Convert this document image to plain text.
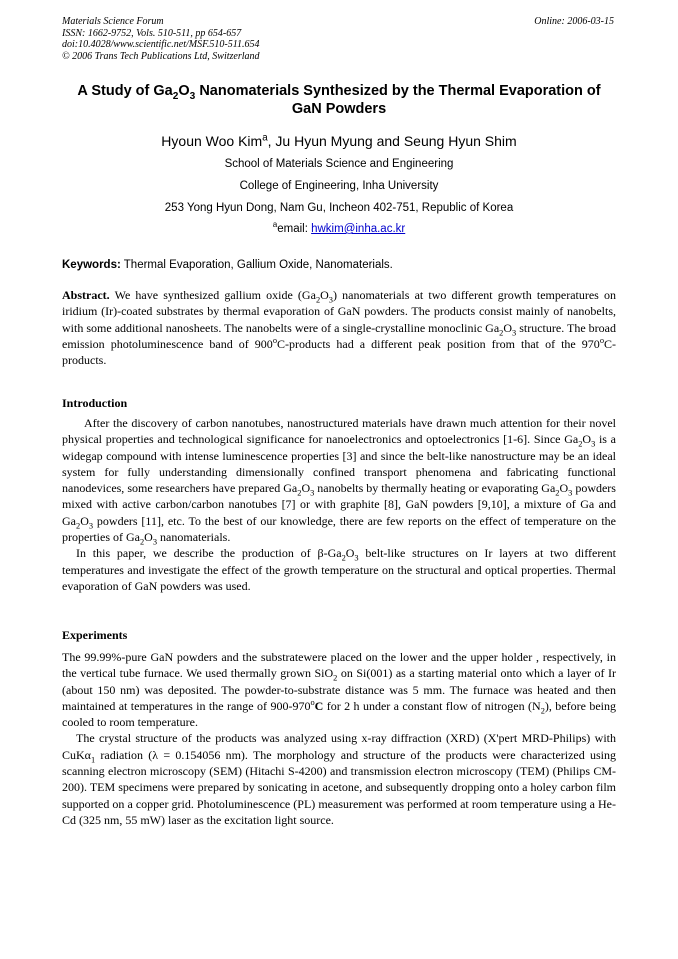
Materials Science Forum
ISSN: 1662-9752, Vols. 510-511, pp 654-657
doi:10.4028/www.scientific.net/MSF.510-511.654
© 2006 Trans Tech Publications Ltd, Switzerland
Online: 2006-03-15
A Study of $Ga_2O_3$ Nanomaterials Synthesized by the Thermal Evaporation of GaN Powders
Hyoun Woo Kim$^a$, Ju Hyun Myung and Seung Hyun Shim
School of Materials Science and Engineering
College of Engineering, Inha University
253 Yong Hyun Dong, Nam Gu, Incheon 402-751, Republic of Korea
$^a$email: hwkim@inha.ac.kr
Keywords: Thermal Evaporation, Gallium Oxide, Nanomaterials.
Abstract. We have synthesized gallium oxide $(Ga_2O_3)$ nanomaterials at two different growth temperatures on iridium (Ir)-coated substrates by thermal evaporation of GaN powders. The products consist mainly of nanobelts, with some additional nanosheets. The nanobelts were of a single-crystalline monoclinic $Ga_2O_3$ structure. The broad emission photoluminescence band of 900$^o$C-products had a different peak position from that of the 970$^o$C-products.
Introduction

After the discovery of carbon nanotubes, nanostructured materials have drawn much attention for their novel physical properties and technological significance for nanoelectronics and optoelectronics [1-6]. Since $Ga_2O_3$ is a widegap compound with intense luminescence properties [3] and since the belt-like nanostructure may be an ideal system for fully understanding dimensionally confined transport phenomena and fabricating functional nanodevices, some researchers have prepared $Ga_2O_3$ nanobelts by thermally heating or evaporating $Ga_2O_3$ powders mixed with active carbon/carbon nanotubes [7] or with graphite [8], GaN powders [9,10], a mixture of Ga and $Ga_2O_3$ powders [11], etc. To the best of our knowledge, there are few reports on the effect of temperature on the properties of $Ga_2O_3$ nanomaterials.

In this paper, we describe the production of $\beta-Ga_2O_3$ belt-like structures on Ir layers at two different temperatures and investigate the effect of the growth temperature on the structural and optical properties. Thermal evaporation of GaN powders was used.

Experiments

The 99.99%-pure GaN powders and the substratewere placed on the lower and the upper holder , respectively, in the vertical tube furnace. We used thermally grown SiO$_2$ on Si(001) as a starting material onto which a layer of Ir (about 150 nm) was deposited. The powder-to-substrate distance was 5 mm. The furnace was heated and then maintained at temperatures in the range of 900-970$^o$C for 2 h under a constant flow of nitrogen $(N_2)$, before being cooled to room temperature.

The crystal structure of the products was analyzed using x-ray diffraction (XRD) (X'pert MRD-Philips) with CuKα$_1$ radiation (λ = 0.154056 nm). The morphology and structure of the products were characterized using scanning electron microscopy (SEM) (Hitachi S-4200) and transmission electron microscopy (TEM) (Philips CM-200). TEM specimens were prepared by sonicating in acetone, and subsequently dropping onto a holey carbon film supported on a copper grid. Photoluminescence (PL) measurement was performed at room temperature using a He-Cd (325 nm, 55 mW) laser as the excitation light source.
